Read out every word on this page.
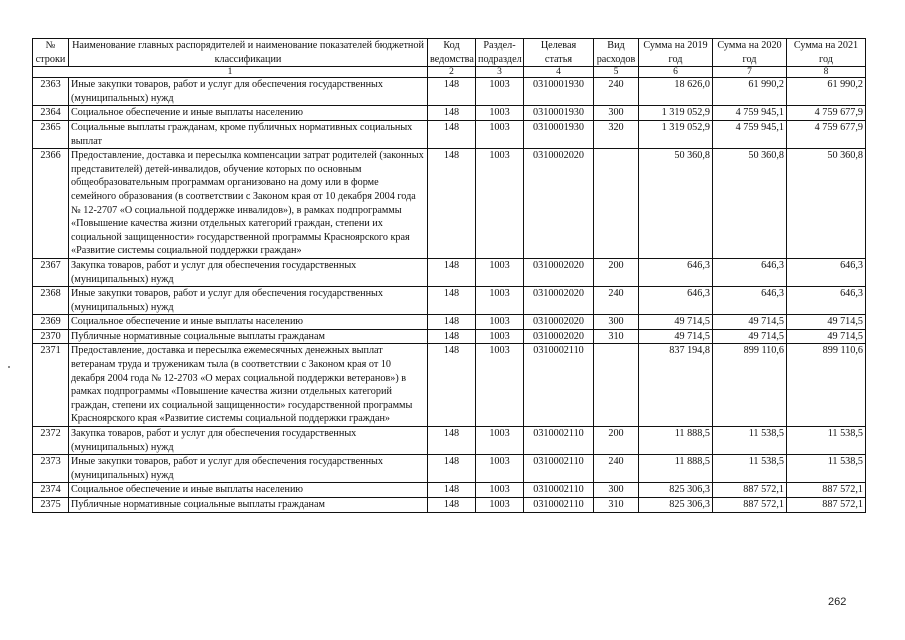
№ строки	Наименование главных распорядителей и наименование показателей бюджетной классификации	Код ведомства	Раздел-подраздел	Целевая статья	Вид расходов	Сумма на 2019 год	Сумма на 2020 год	Сумма на 2021 год
1		2	3	4	5	6	7	8
2363	Иные закупки товаров, работ и услуг для обеспечения государственных (муниципальных) нужд	148	1003	0310001930	240	18 626,0	61 990,2	61 990,2
2364	Социальное обеспечение и иные выплаты населению	148	1003	0310001930	300	1 319 052,9	4 759 945,1	4 759 677,9
2365	Социальные выплаты гражданам, кроме публичных нормативных социальных выплат	148	1003	0310001930	320	1 319 052,9	4 759 945,1	4 759 677,9
2366	Предоставление, доставка и пересылка компенсации затрат родителей (законных представителей) детей-инвалидов, обучение которых по основным общеобразовательным программам организовано на дому или в форме семейного образования (в соответствии с Законом края от 10 декабря 2004 года № 12-2707 «О социальной поддержке инвалидов»), в рамках подпрограммы «Повышение качества жизни отдельных категорий граждан, степени их социальной защищенности» государственной программы Красноярского края «Развитие системы социальной поддержки граждан»	148	1003	0310002020		50 360,8	50 360,8	50 360,8
2367	Закупка товаров, работ и услуг для обеспечения государственных (муниципальных) нужд	148	1003	0310002020	200	646,3	646,3	646,3
2368	Иные закупки товаров, работ и услуг для обеспечения государственных (муниципальных) нужд	148	1003	0310002020	240	646,3	646,3	646,3
2369	Социальное обеспечение и иные выплаты населению	148	1003	0310002020	300	49 714,5	49 714,5	49 714,5
2370	Публичные нормативные социальные выплаты гражданам	148	1003	0310002020	310	49 714,5	49 714,5	49 714,5
2371	Предоставление, доставка и пересылка ежемесячных денежных выплат ветеранам труда и труженикам тыла (в соответствии с Законом края от 10 декабря 2004 года № 12-2703 «О мерах социальной поддержки ветеранов») в рамках подпрограммы «Повышение качества жизни отдельных категорий граждан, степени их социальной защищенности» государственной программы Красноярского края «Развитие системы социальной поддержки граждан»	148	1003	0310002110		837 194,8	899 110,6	899 110,6
2372	Закупка товаров, работ и услуг для обеспечения государственных (муниципальных) нужд	148	1003	0310002110	200	11 888,5	11 538,5	11 538,5
2373	Иные закупки товаров, работ и услуг для обеспечения государственных (муниципальных) нужд	148	1003	0310002110	240	11 888,5	11 538,5	11 538,5
2374	Социальное обеспечение и иные выплаты населению	148	1003	0310002110	300	825 306,3	887 572,1	887 572,1
2375	Публичные нормативные социальные выплаты гражданам	148	1003	0310002110	310	825 306,3	887 572,1	887 572,1
262
